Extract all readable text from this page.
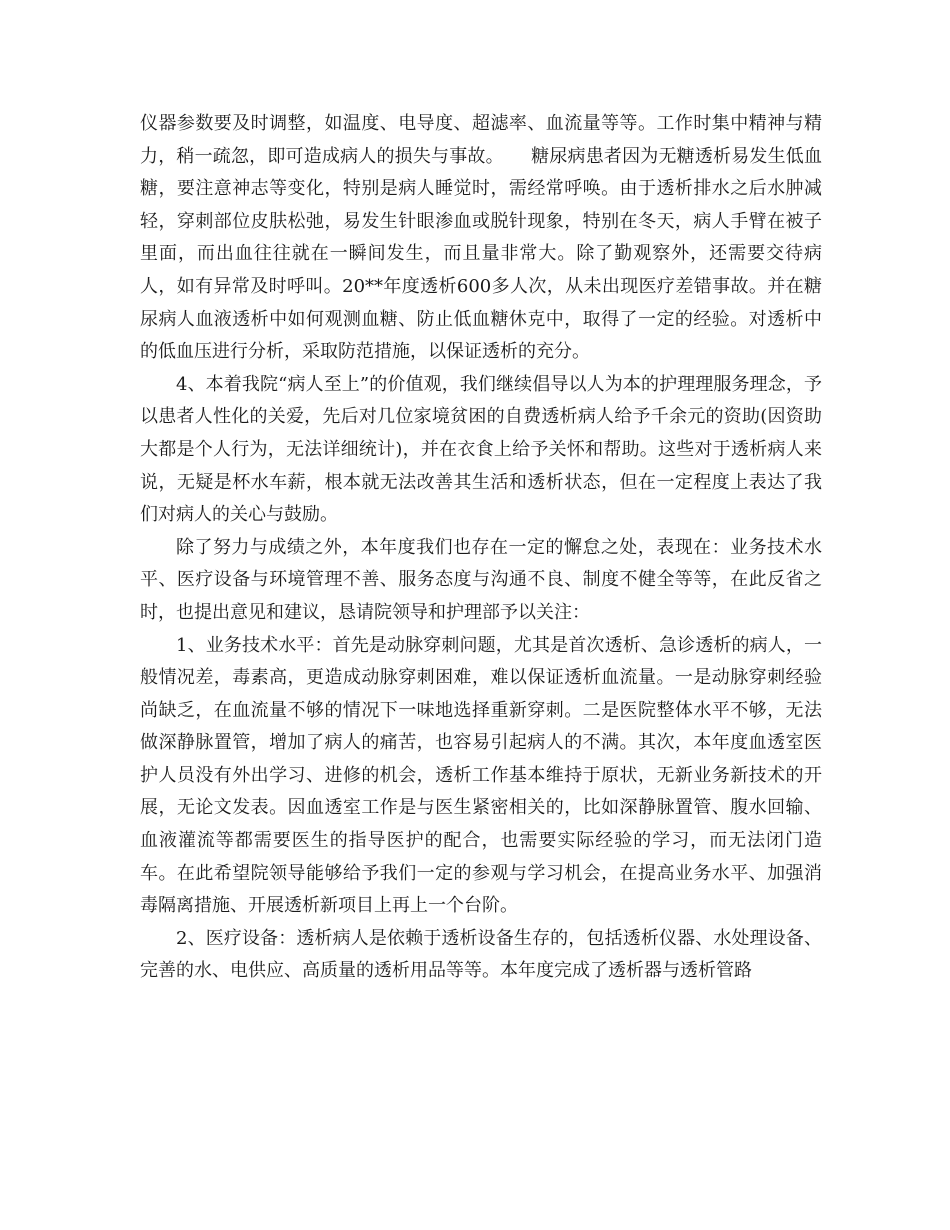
仪器参数要及时调整，如温度、电导度、超滤率、血流量等等。工作时集中精神与精力，稍一疏忽，即可造成病人的损失与事故。　　糖尿病患者因为无糖透析易发生低血糖，要注意神志等变化，特别是病人睡觉时，需经常呼唤。由于透析排水之后水肿减轻，穿刺部位皮肤松弛，易发生针眼渗血或脱针现象，特别在冬天，病人手臂在被子里面，而出血往往就在一瞬间发生，而且量非常大。除了勤观察外，还需要交待病人，如有异常及时呼叫。20**年度透析600多人次，从未出现医疗差错事故。并在糖尿病人血液透析中如何观测血糖、防止低血糖休克中，取得了一定的经验。对透析中的低血压进行分析，采取防范措施，以保证透析的充分。

4、本着我院“病人至上”的价值观，我们继续倡导以人为本的护理理服务理念，予以患者人性化的关爱，先后对几位家境贫困的自费透析病人给予千余元的资助(因资助大都是个人行为，无法详细统计)，并在衣食上给予关怀和帮助。这些对于透析病人来说，无疑是杯水车薪，根本就无法改善其生活和透析状态，但在一定程度上表达了我们对病人的关心与鼓励。

除了努力与成绩之外，本年度我们也存在一定的懈怠之处，表现在：业务技术水平、医疗设备与环境管理不善、服务态度与沟通不良、制度不健全等等，在此反省之时，也提出意见和建议，恳请院领导和护理部予以关注：

1、业务技术水平：首先是动脉穿刺问题，尤其是首次透析、急诊透析的病人，一般情况差，毒素高，更造成动脉穿刺困难，难以保证透析血流量。一是动脉穿刺经验尚缺乏，在血流量不够的情况下一味地选择重新穿刺。二是医院整体水平不够，无法做深静脉置管，增加了病人的痛苦，也容易引起病人的不满。其次，本年度血透室医护人员没有外出学习、进修的机会，透析工作基本维持于原状，无新业务新技术的开展，无论文发表。因血透室工作是与医生紧密相关的，比如深静脉置管、腹水回输、血液灌流等都需要医生的指导医护的配合，也需要实际经验的学习，而无法闭门造车。在此希望院领导能够给予我们一定的参观与学习机会，在提高业务水平、加强消毒隔离措施、开展透析新项目上再上一个台阶。

2、医疗设备：透析病人是依赖于透析设备生存的，包括透析仪器、水处理设备、完善的水、电供应、高质量的透析用品等等。本年度完成了透析器与透析管路
